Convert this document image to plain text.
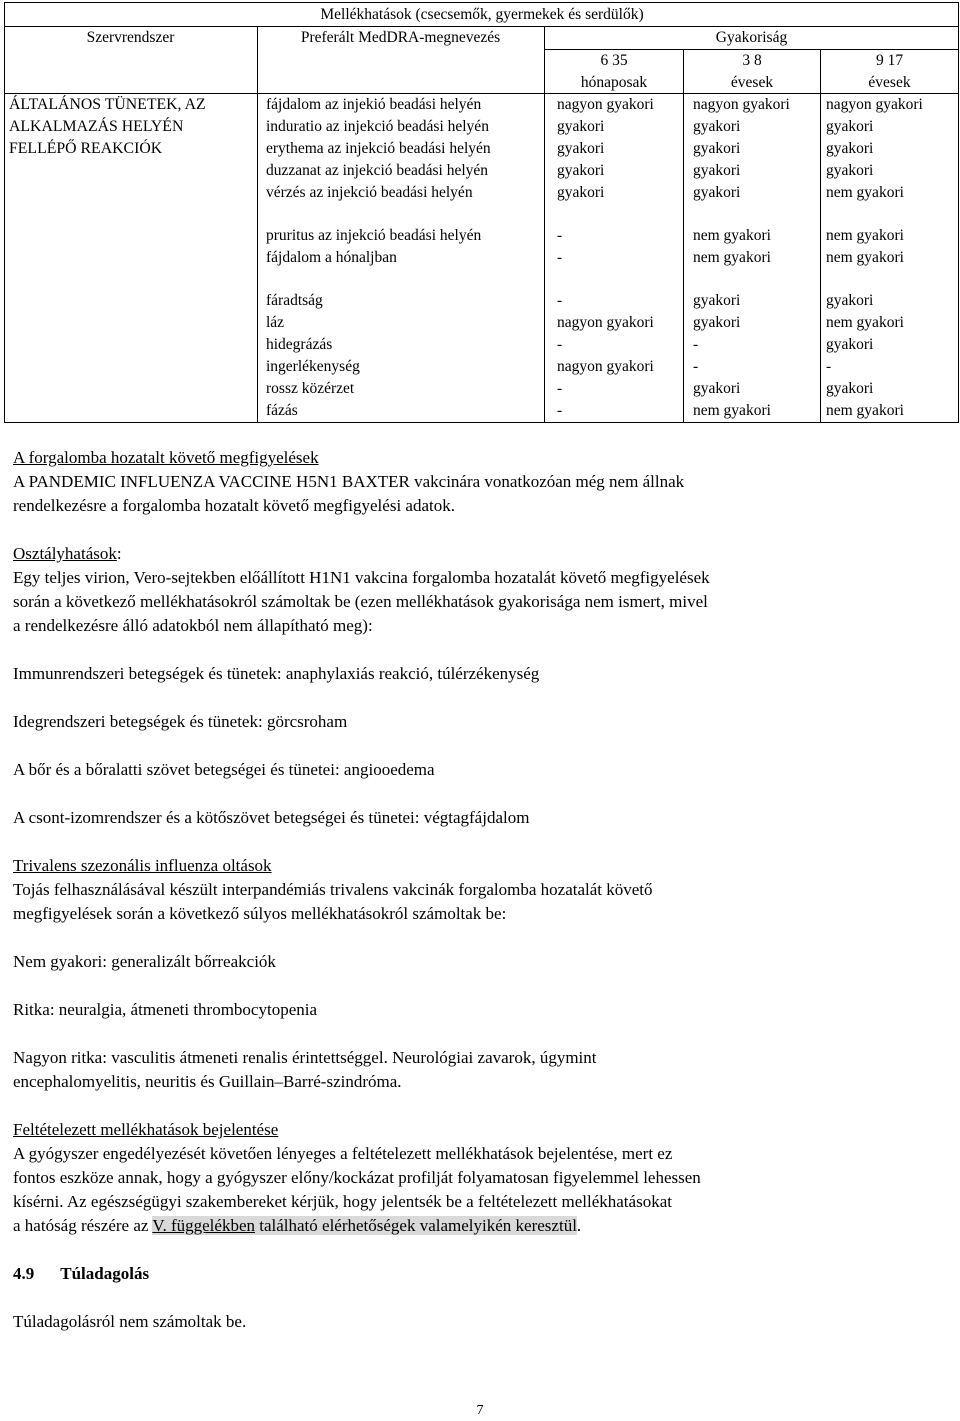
Mellékhatások (csecsemők, gyermekek és serdülők)
Szervrendszer	Preferált MedDRA-megnevezés	Gyakoriság
6 35
hónaposak
3 8
évesek
9 17
évesek
ÁLTALÁNOS TÜNETEK, AZ
ALKALMAZÁS HELYÉN
FELLÉPŐ REAKCIÓK
fájdalom az injekió beadási helyén
induratio az injekció beadási helyén
erythema az injekció beadási helyén
duzzanat az injekció beadási helyén
vérzés az injekció beadási helyén
nagyon gyakori
gyakori
gyakori
gyakori
gyakori
nagyon gyakori
gyakori
gyakori
gyakori
gyakori
nagyon gyakori
gyakori
gyakori
gyakori
nem gyakori
pruritus az injekció beadási helyén
fájdalom a hónaljban
-
-
nem gyakori
nem gyakori
nem gyakori
nem gyakori
fáradtság
láz
hidegrázás
ingerlékenység
rossz közérzet
fázás
-
nagyon gyakori
-
nagyon gyakori
-
-
gyakori
gyakori
-
-
gyakori
nem gyakori
gyakori
nem gyakori
gyakori
-
gyakori
nem gyakori
A forgalomba hozatalt követő megfigyelések
A PANDEMIC INFLUENZA VACCINE H5N1 BAXTER vakcinára vonatkozóan még nem állnak
rendelkezésre a forgalomba hozatalt követő megfigyelési adatok.
Osztályhatások:
Egy teljes virion, Vero-sejtekben előállított H1N1 vakcina forgalomba hozatalát követő megfigyelések
során a következő mellékhatásokról számoltak be (ezen mellékhatások gyakorisága nem ismert, mivel
a rendelkezésre álló adatokból nem állapítható meg):
Immunrendszeri betegségek és tünetek: anaphylaxiás reakció, túlérzékenység
Idegrendszeri betegségek és tünetek: görcsroham
A bőr és a bőralatti szövet betegségei és tünetei: angiooedema
A csont-izomrendszer és a kötőszövet betegségei és tünetei: végtagfájdalom
Trivalens szezonális influenza oltások
Tojás felhasználásával készült interpandémiás trivalens vakcinák forgalomba hozatalát követő
megfigyelések során a következő súlyos mellékhatásokról számoltak be:
Nem gyakori: generalizált bőrreakciók
Ritka: neuralgia, átmeneti thrombocytopenia
Nagyon ritka: vasculitis átmeneti renalis érintettséggel. Neurológiai zavarok, úgymint
encephalomyelitis, neuritis és Guillain–Barré-szindróma.
Feltételezett mellékhatások bejelentése
A gyógyszer engedélyezését követően lényeges a feltételezett mellékhatások bejelentése, mert ez
fontos eszköze annak, hogy a gyógyszer előny/kockázat profilját folyamatosan figyelemmel lehessen
kísérni. Az egészségügyi szakembereket kérjük, hogy jelentsék be a feltételezett mellékhatásokat
a hatóság részére az V. függelékben található elérhetőségek valamelyikén keresztül.
4.9 Túladagolás
Túladagolásról nem számoltak be.
7
